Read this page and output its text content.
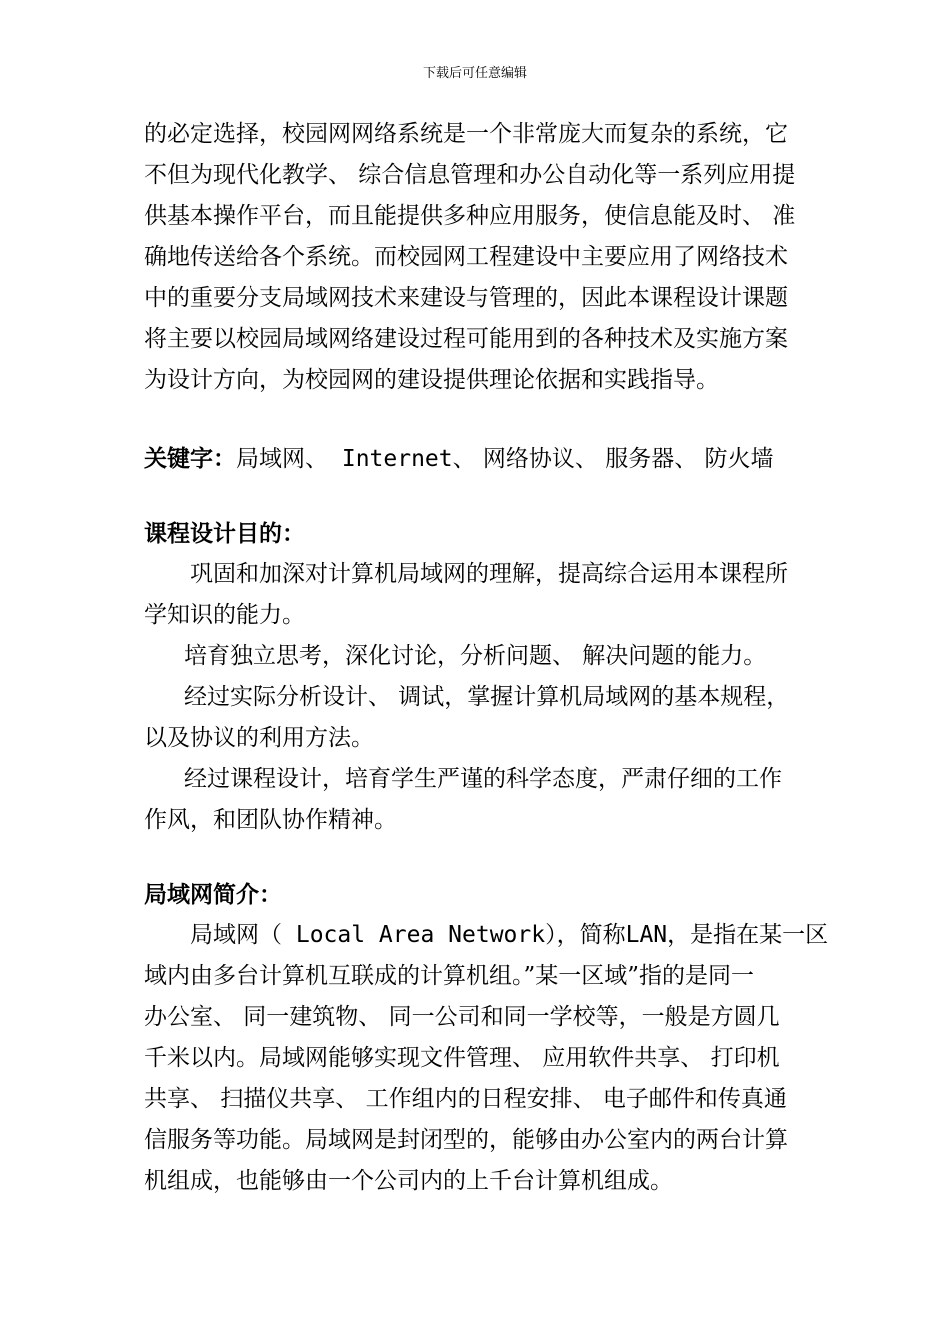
下载后可任意编辑
的必定选择，校园网网络系统是一个非常庞大而复杂的系统，它
不但为现代化教学、 综合信息管理和办公自动化等一系列应用提
供基本操作平台，而且能提供多种应用服务，使信息能及时、 准
确地传送给各个系统。而校园网工程建设中主要应用了网络技术
中的重要分支局域网技术来建设与管理的，因此本课程设计课题
将主要以校园局域网络建设过程可能用到的各种技术及实施方案
为设计方向，为校园网的建设提供理论依据和实践指导。
关键字：局域网、 Internet、 网络协议、 服务器、 防火墙
课程设计目的：
巩固和加深对计算机局域网的理解，提高综合运用本课程所
学知识的能力。
培育独立思考，深化讨论，分析问题、 解决问题的能力。
经过实际分析设计、 调试，掌握计算机局域网的基本规程，
以及协议的利用方法。
经过课程设计，培育学生严谨的科学态度，严肃仔细的工作
作风，和团队协作精神。
局域网简介：
局域网（ Local Area Network），简称LAN，是指在某一区
域内由多台计算机互联成的计算机组。”某一区域”指的是同一
办公室、 同一建筑物、 同一公司和同一学校等，一般是方圆几
千米以内。局域网能够实现文件管理、 应用软件共享、 打印机
共享、 扫描仪共享、 工作组内的日程安排、 电子邮件和传真通
信服务等功能。局域网是封闭型的，能够由办公室内的两台计算
机组成，也能够由一个公司内的上千台计算机组成。
